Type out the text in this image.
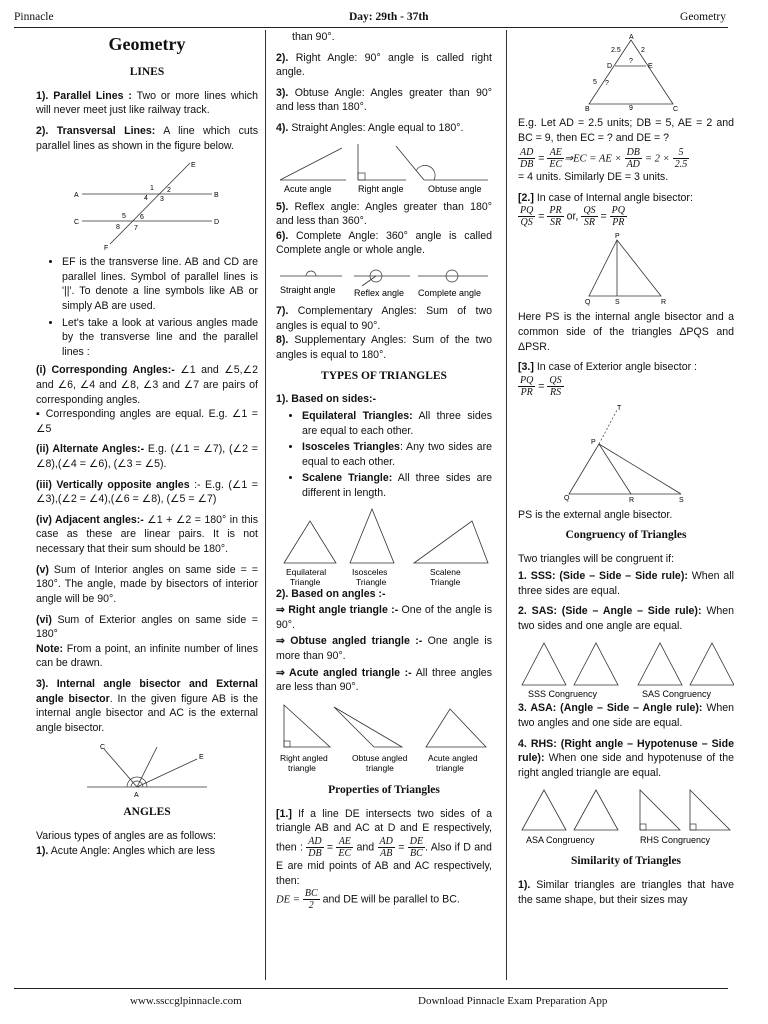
Pinnacle	Day: 29th - 37th	Geometry
Geometry
LINES

1). Parallel Lines : Two or more lines which will never meet just like railway track.

2). Transversal Lines: A line which cuts parallel lines as shown in the figure below.

A	B
C	D
E
F
1 2
3
4
5 6
7
8
• EF is the transverse line. AB and CD are parallel lines. Symbol of parallel lines is '||'. To denote a line symbols like AB or simply AB are used.
• Let's take a look at various angles made by the transverse line and the parallel lines :

(i) Corresponding Angles:- ∠1 and ∠5,∠2 and ∠6, ∠4 and ∠8, ∠3 and ∠7 are pairs of corresponding angles.
▪ Corresponding angles are equal. E.g. ∠1 = ∠5

(ii) Alternate Angles:- E.g. (∠1 = ∠7), (∠2 = ∠8),(∠4 = ∠6), (∠3 = ∠5).

(iii) Vertically opposite angles :- E.g. (∠1 = ∠3),(∠2 = ∠4),(∠6 = ∠8), (∠5 = ∠7)

(iv) Adjacent angles:- ∠1 + ∠2 = 180° in this case as these are linear pairs. It is not necessary that their sum should be 180°.

(v) Sum of Interior angles on same side = = 180°. The angle, made by bisectors of interior angle will be 90°.

(vi) Sum of Exterior angles on same side = 180°
Note: From a point, an infinite number of lines can be drawn.

3). Internal angle bisector and External angle bisector. In the given figure AB is the internal angle bisector and AC is the external angle bisector.

C
E
A
ANGLES

Various types of angles are as follows:

1). Acute Angle: Angles which are less

than 90°.

2). Right Angle: 90° angle is called right angle.

3). Obtuse Angle: Angles greater than 90° and less than 180°.

4). Straight Angles: Angle equal to 180°.

Acute angle	Right angle	Obtuse angle

5). Reflex angle: Angles greater than 180° and less than 360°.
6). Complete Angle: 360° angle is called Complete angle or whole angle.

Straight angle Reflex angle Complete angle

7). Complementary Angles: Sum of two angles is equal to 90°.
8). Supplementary Angles: Sum of the two angles is equal to 180°.

TYPES OF TRIANGLES

1). Based on sides:-

• Equilateral Triangles: All three sides are equal to each other.
• Isosceles Triangles: Any two sides are equal to each other.
• Scalene Triangle: All three sides are different in length.
Equilateral
Triangle
Isosceles
Triangle
Scalene
Triangle

2). Based on angles :-

⇒ Right angle triangle :- One of the angle is 90°.

⇒ Obtuse angled triangle :- One angle is more than 90°.

⇒ Acute angled triangle :- All three angles are less than 90°.

Right angled
triangle
Obtuse angled
triangle
Acute angled
triangle
Properties of Triangles

[1.] If a line DE intersects two sides of a triangle AB and AC at D and E respectively, then : $\frac{AD}{DB} = \frac{AE}{EC}$ and $\frac{AD}{AB} = \frac{DE}{BC}$ . Also if D and E are mid points of AB and AC respectively, then:
DE = $\frac{BC}{2}$ and DE will be parallel to BC.

A
B	C
D	E
?
?
2.5	2
5
9

E.g. Let AD = 2.5 units; DB = 5, AE = 2 and BC = 9, then EC = ? and DE = ?

$\frac{AD}{DB} = \frac{AE}{EC}$ ⇒EC = AE × $\frac{DB}{AD} = 2 \times \frac{5}{2.5}$

= 4 units. Similarly DE = 3 units.

[2.] In case of Internal angle bisector:

$\frac{PQ}{QS} = \frac{PR}{SR}$ or, $\frac{QS}{SR} = \frac{PQ}{PR}$

P
Q	S	R

Here PS is the internal angle bisector and a common side of the triangles ΔPQS and ΔPSR.

[3.] In case of Exterior angle bisector :

$\frac{PQ}{PR} = \frac{QS}{RS}$

P
Q	R	S
T

PS is the external angle bisector.

Congruency of Triangles

Two triangles will be congruent if:

1. SSS: (Side – Side – Side rule): When all three sides are equal.

2. SAS: (Side – Angle – Side rule): When two sides and one angle are equal.

SSS Congruency	SAS Congruency

3. ASA: (Angle – Side – Angle rule): When two angles and one side are equal.

4. RHS: (Right angle – Hypotenuse – Side rule): When one side and hypotenuse of the right angled triangle are equal.

ASA Congruency	RHS Congruency
Similarity of Triangles

1). Similar triangles are triangles that have the same shape, but their sizes may

www.ssccglpinnacle.com	Download Pinnacle Exam Preparation App
